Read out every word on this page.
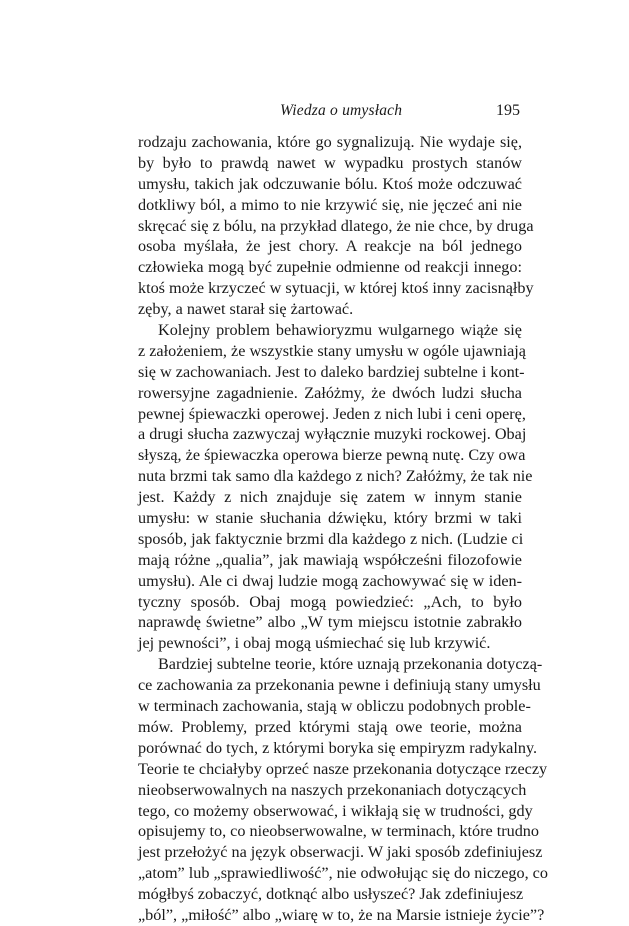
Wiedza o umysłach	195
rodzaju zachowania, które go sygnalizują. Nie wydaje się,
by było to prawdą nawet w wypadku prostych stanów
umysłu, takich jak odczuwanie bólu. Ktoś może odczuwać
dotkliwy ból, a mimo to nie krzywić się, nie jęczeć ani nie
skręcać się z bólu, na przykład dlatego, że nie chce, by druga
osoba myślała, że jest chory. A reakcje na ból jednego
człowieka mogą być zupełnie odmienne od reakcji innego:
ktoś może krzyczeć w sytuacji, w której ktoś inny zacisnąłby
zęby, a nawet starał się żartować.
Kolejny problem behawioryzmu wulgarnego wiąże się
z założeniem, że wszystkie stany umysłu w ogóle ujawniają
się w zachowaniach. Jest to daleko bardziej subtelne i kont-
rowersyjne zagadnienie. Załóżmy, że dwóch ludzi słucha
pewnej śpiewaczki operowej. Jeden z nich lubi i ceni operę,
a drugi słucha zazwyczaj wyłącznie muzyki rockowej. Obaj
słyszą, że śpiewaczka operowa bierze pewną nutę. Czy owa
nuta brzmi tak samo dla każdego z nich? Załóżmy, że tak nie
jest. Każdy z nich znajduje się zatem w innym stanie
umysłu: w stanie słuchania dźwięku, który brzmi w taki
sposób, jak faktycznie brzmi dla każdego z nich. (Ludzie ci
mają różne „qualia”, jak mawiają współcześni filozofowie
umysłu). Ale ci dwaj ludzie mogą zachowywać się w iden-
tyczny sposób. Obaj mogą powiedzieć: „Ach, to było
naprawdę świetne” albo „W tym miejscu istotnie zabrakło
jej pewności”, i obaj mogą uśmiechać się lub krzywić.
Bardziej subtelne teorie, które uznają przekonania dotyczą-
ce zachowania za przekonania pewne i definiują stany umysłu
w terminach zachowania, stają w obliczu podobnych proble-
mów. Problemy, przed którymi stają owe teorie, można
porównać do tych, z którymi boryka się empiryzm radykalny.
Teorie te chciałyby oprzeć nasze przekonania dotyczące rzeczy
nieobserwowalnych na naszych przekonaniach dotyczących
tego, co możemy obserwować, i wikłają się w trudności, gdy
opisujemy to, co nieobserwowalne, w terminach, które trudno
jest przełożyć na język obserwacji. W jaki sposób zdefiniujesz
„atom” lub „sprawiedliwość”, nie odwołując się do niczego, co
mógłbyś zobaczyć, dotknąć albo usłyszeć? Jak zdefiniujesz
„ból”, „miłość” albo „wiarę w to, że na Marsie istnieje życie”?
